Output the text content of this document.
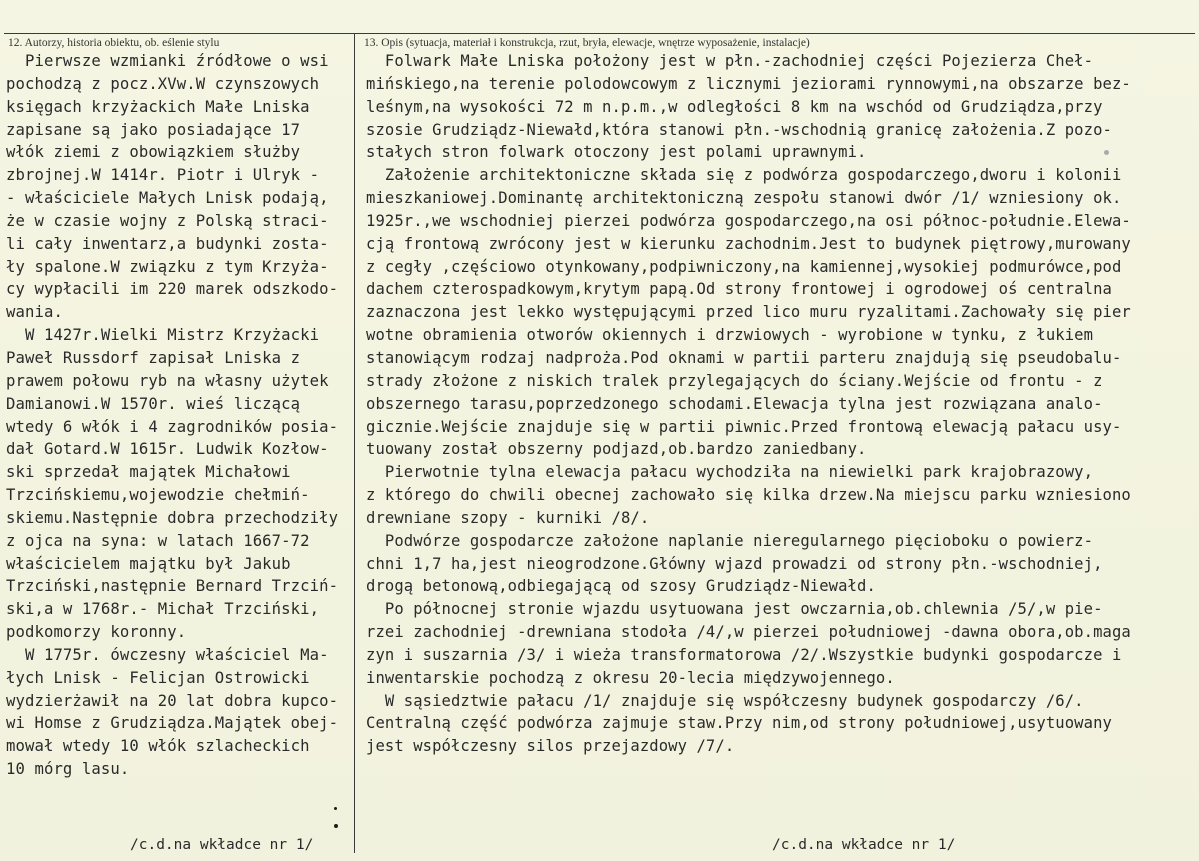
12. Autorzy, historia obiektu, ob. eślenie stylu	13. Opis (sytuacja, materiał i konstrukcja, rzut, bryła, elewacje, wnętrze wyposażenie, instalacje)
Pierwsze wzmianki źródłowe o wsi
pochodzą z pocz.XVw.W czynszowych
księgach krzyżackich Małe Lniska
zapisane są jako posiadające 17
włók ziemi z obowiązkiem służby
zbrojnej.W 1414r. Piotr i Ulryk -
- właściciele Małych Lnisk podają,
że w czasie wojny z Polską straci-
li cały inwentarz,a budynki zosta-
ły spalone.W związku z tym Krzyża-
cy wypłacili im 220 marek odszkodo-
wania.
W 1427r.Wielki Mistrz Krzyżacki
Paweł Russdorf zapisał Lniska z
prawem połowu ryb na własny użytek
Damianowi.W 1570r. wieś liczącą
wtedy 6 włók i 4 zagrodników posia-
dał Gotard.W 1615r. Ludwik Kozłow-
ski sprzedał majątek Michałowi
Trzcińskiemu,wojewodzie chełmiń-
skiemu.Następnie dobra przechodziły
z ojca na syna: w latach 1667-72
właścicielem majątku był Jakub
Trzciński,następnie Bernard Trzciń-
ski,a w 1768r.- Michał Trzciński,
podkomorzy koronny.
W 1775r. ówczesny właściciel Ma-
łych Lnisk - Felicjan Ostrowicki
wydzierżawił na 20 lat dobra kupco-
wi Homse z Grudziądza.Majątek obej-
mował wtedy 10 włók szlacheckich
10 mórg lasu.
Folwark Małe Lniska położony jest w płn.-zachodniej części Pojezierza Cheł-
mińskiego,na terenie polodowcowym z licznymi jeziorami rynnowymi,na obszarze bez-
leśnym,na wysokości 72 m n.p.m.,w odległości 8 km na wschód od Grudziądza,przy
szosie Grudziądz-Niewałd,która stanowi płn.-wschodnią granicę założenia.Z pozo-
stałych stron folwark otoczony jest polami uprawnymi.
Założenie architektoniczne składa się z podwórza gospodarczego,dworu i kolonii
mieszkaniowej.Dominantę architektoniczną zespołu stanowi dwór /1/ wzniesiony ok.
1925r.,we wschodniej pierzei podwórza gospodarczego,na osi północ-południe.Elewa-
cją frontową zwrócony jest w kierunku zachodnim.Jest to budynek piętrowy,murowany
z cegły ,częściowo otynkowany,podpiwniczony,na kamiennej,wysokiej podmurówce,pod
dachem czterospadkowym,krytym papą.Od strony frontowej i ogrodowej oś centralna
zaznaczona jest lekko występującymi przed lico muru ryzalitami.Zachowały się pier
wotne obramienia otworów okiennych i drzwiowych - wyrobione w tynku, z łukiem
stanowiącym rodzaj nadproża.Pod oknami w partii parteru znajdują się pseudobalu-
strady złożone z niskich tralek przylegających do ściany.Wejście od frontu - z
obszernego tarasu,poprzedzonego schodami.Elewacja tylna jest rozwiązana analo-
gicznie.Wejście znajduje się w partii piwnic.Przed frontową elewacją pałacu usy-
tuowany został obszerny podjazd,ob.bardzo zaniedbany.
Pierwotnie tylna elewacja pałacu wychodziła na niewielki park krajobrazowy,
z którego do chwili obecnej zachowało się kilka drzew.Na miejscu parku wzniesiono
drewniane szopy - kurniki /8/.
Podwórze gospodarcze założone naplanie nieregularnego pięcioboku o powierz-
chni 1,7 ha,jest nieogrodzone.Główny wjazd prowadzi od strony płn.-wschodniej,
drogą betonową,odbiegającą od szosy Grudziądz-Niewałd.
Po północnej stronie wjazdu usytuowana jest owczarnia,ob.chlewnia /5/,w pie-
rzei zachodniej -drewniana stodoła /4/,w pierzei południowej -dawna obora,ob.maga
zyn i suszarnia /3/ i wieża transformatorowa /2/.Wszystkie budynki gospodarcze i
inwentarskie pochodzą z okresu 20-lecia międzywojennego.
W sąsiedztwie pałacu /1/ znajduje się współczesny budynek gospodarczy /6/.
Centralną część podwórza zajmuje staw.Przy nim,od strony południowej,usytuowany
jest współczesny silos przejazdowy /7/.
/c.d.na wkładce nr 1/	/c.d.na wkładce nr 1/
